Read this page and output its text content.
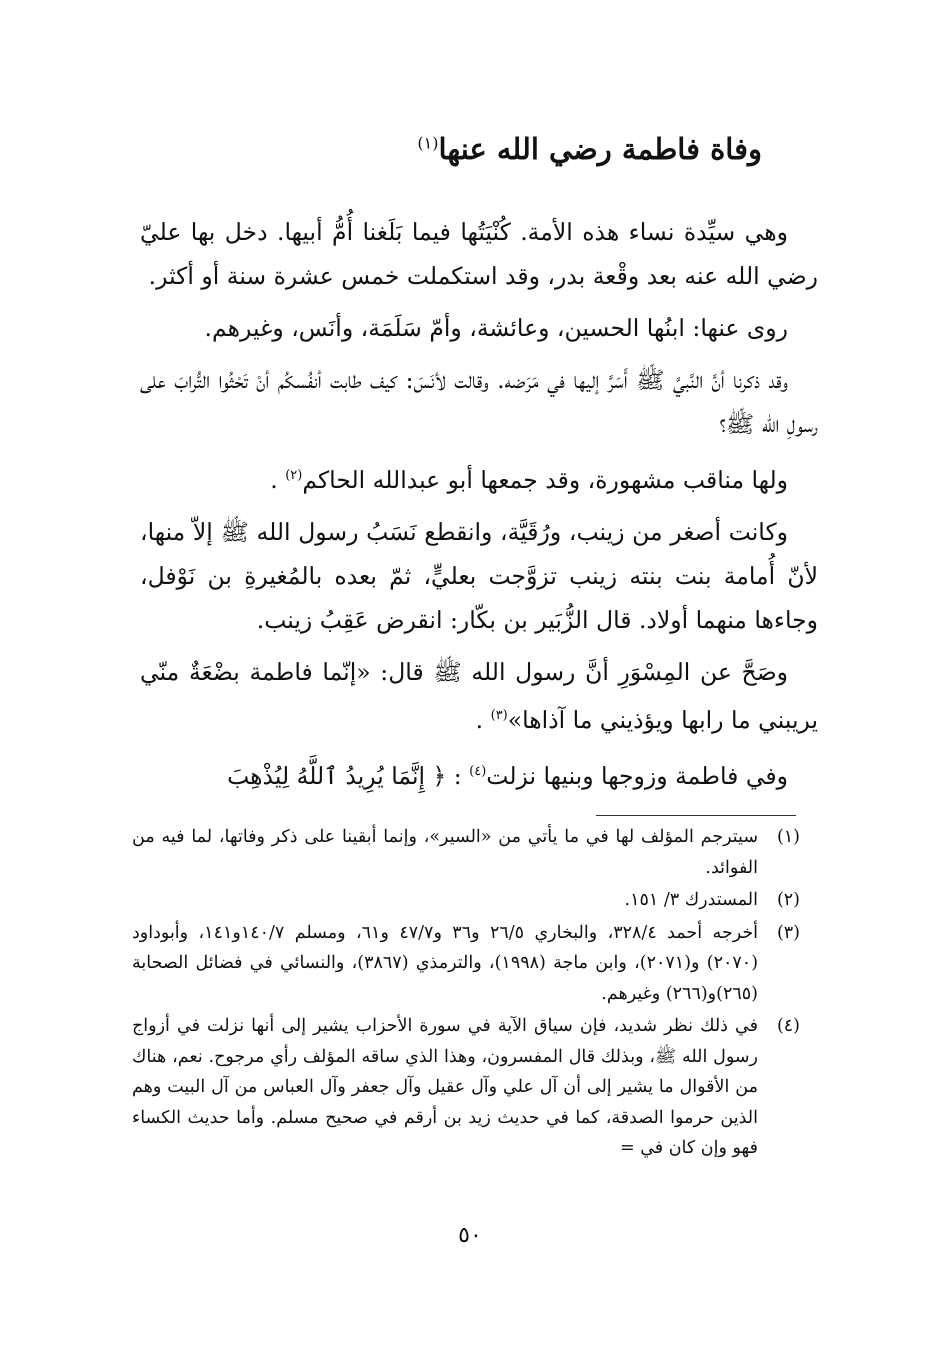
وفاة فاطمة رضي الله عنها$^{(١)}$

وهي سيِّدة نساء هذه الأمة. كُنْيَتُها فيما بَلَغنا أُمُّ أبيها. دخل بها عليّ رضي الله عنه بعد وقْعة بدر، وقد استكملت خمس عشرة سنة أو أكثر.

روى عنها: ابنُها الحسين، وعائشة، وأمّ سَلَمَة، وأنَس، وغيرهم.

وقد ذكرنا أنَّ النَّبيَّ ﷺ أَسَرَّ إليها في مَرَضه. وقالت لأنَسَ: كيف طابت أنفُسكُم أنْ تَحْثُوا التُّرابَ على رسولِ الله ﷺ؟

ولها مناقب مشهورة، وقد جمعها أبو عبدالله الحاكم$^{(٢)}$ .

وكانت أصغر من زينب، ورُقَيَّة، وانقطع نَسَبُ رسول الله ﷺ إلاّ منها، لأنّ أُمامة بنت بنته زينب تزوَّجت بعليٍّ، ثمّ بعده بالمُغيرةِ بن نَوْفل، وجاءها منهما أولاد. قال الزُّبَير بن بكّار: انقرض عَقِبُ زينب.

وصَحَّ عن المِسْوَرِ أنَّ رسول الله ﷺ قال: «إنّما فاطمة بضْعَةٌ منّي يريبني ما رابها ويؤذيني ما آذاها»$^{(٣)}$ .

وفي فاطمة وزوجها وبنيها نزلت$^{(٤)}$ : ﴿ إِنَّمَا يُرِيدُ ٱللَّهُ لِيُذْهِبَ

(١)
سيترجم المؤلف لها في ما يأتي من «السير»، وإنما أبقينا على ذكر وفاتها، لما فيه من الفوائد.
(٢)
المستدرك ٣/ ١٥١.
(٣)
أخرجه أحمد ٣٢٨/٤، والبخاري ٢٦/٥ و٣٦ و٤٧/٧ و٦١، ومسلم ١٤٠/٧و١٤١، وأبوداود (٢٠٧٠) و(٢٠٧١)، وابن ماجة (١٩٩٨)، والترمذي (٣٨٦٧)، والنسائي في فضائل الصحابة (٢٦٥)و(٢٦٦) وغيرهم.
(٤)
في ذلك نظر شديد، فإن سياق الآية في سورة الأحزاب يشير إلى أنها نزلت في أزواج رسول الله ﷺ، وبذلك قال المفسرون، وهذا الذي ساقه المؤلف رأي مرجوح. نعم، هناك من الأقوال ما يشير إلى أن آل علي وآل عقيل وآل جعفر وآل العباس من آل البيت وهم الذين حرموا الصدقة، كما في حديث زيد بن أرقم في صحيح مسلم. وأما حديث الكساء فهو وإن كان في =
٥٠
